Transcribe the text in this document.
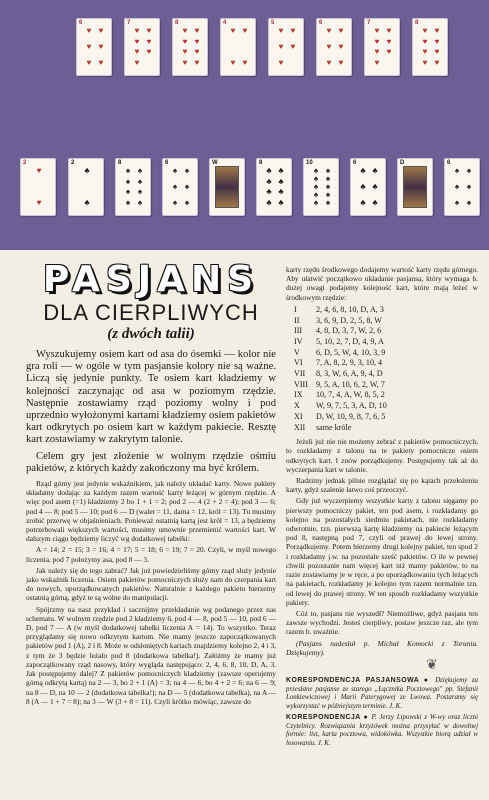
6
♥ ♥
♥ ♥
♥ ♥
7
♥ ♥
♥ ♥
♥ ♥
♥
8
♥ ♥
♥ ♥
♥ ♥
♥ ♥
4
♥ ♥
♥ ♥
5
♥ ♥
♥ ♥
♥
6
♥ ♥
♥ ♥
♥ ♥
7
♥ ♥
♥ ♥
♥ ♥
♥
8
♥ ♥
♥ ♥
♥ ♥
♥ ♥
2
♥
♥
2
♣
♣
8
♠ ♠
♠ ♠
♠ ♠
♠ ♠
6
♠ ♠
♠ ♠
♠ ♠
W	8
♣ ♣
♣ ♣
♣ ♣
♣ ♣
10
♠ ♠
♠ ♠
♠ ♠
♠ ♠
♠ ♠
6
♣ ♣
♣ ♣
♣ ♣
D	6
♠ ♠
♠ ♠
♠ ♠
PASJANS
DLA CIERPLIWYCH
(z dwóch talii)

Wyszukujemy osiem kart od asa do ósemki — kolor nie gra roli — w ogóle w tym pasjansie kolory nie są ważne. Liczą się jedynie punkty. Te osiem kart kładziemy w kolejności zaczynając od asa w poziomym rzędzie. Następnie zostawiamy rząd poziomy wolny i pod uprzednio wyłożonymi kartami kładziemy osiem pakietów kart odkrytych po osiem kart w każdym pakiecie. Resztę kart zostawiamy w zakrytym talonie.

Celem gry jest złożenie w wolnym rzędzie ośmiu pakietów, z których każdy zakończony ma być królem.

Rząd górny jest jedynie wskaźnikiem, jak należy układać karty. Nowe pakiety składamy dodając za każdym razem wartość karty leżącej w górnym rzędzie. A więc pod asem (=1) kładziemy 2 bo 1 + 1 = 2; pod 2 — 4 (2 + 2 = 4); pod 3 — 6; pod 4 — 8; pod 5 — 10; pod 6 — D (walet = 11, dama = 12, król = 13). Tu musimy zrobić przerwę w objaśnieniach. Ponieważ ostatnią kartą jest król = 13, a będziemy potrzebowali większych wartości, musimy umownie przemienić wartości kart. W dalszym ciągu będziemy liczyć wg dodatkowej tabelki:

A = 14; 2 = 15; 3 = 16; 4 = 17; 5 = 18; 6 = 19; 7 = 20. Czyli, w myśl nowego liczenia, pod 7 położymy asa, pod 8 — 3.

Jak należy się do tego zabrać? Jak już powiedzieliśmy górny rząd służy jedynie jako wskaźnik liczenia. Osiem pakietów pomocniczych służy nam do czerpania kart do nowych, uporządkowanych pakietów. Naturalnie z każdego pakietu bierzemy ostatnią górną, gdyż te są wolne do manipulacji.

Spójrzmy na nasz przykład i sacznijmy przekładanie wg podanego przez nas schematu. W wolnym rzędzie pod 2 kładziemy 6, pod 4 — 8, pod 5 — 10, pod 6 — D, pod 7 — A (w myśl dodatkowej tabelki liczenia A = 14). To wszystko. Teraz przyglądamy się nowo odkrytym kartom. Nie mamy jeszcze zapoczątkowanych pakietów pod 1 (A), 2 i 8. Może w odsłoniętych kartach znajdziemy kolejno 2, 4 i 3, z tym że 3 będzie leżało pod 8 (dodatkowa tabelka!). Załóżmy że mamy już zapoczątkowany rząd nasowy, który wygląda następująco: 2, 4, 6, 8, 10, D, A, 3. Jak postępujemy dalej? Z pakietów pomocniczych kładziemy (zawsze operujemy górną odkrytą kartą) na 2 — 3, bo 2 + 1 (A) = 3; na 4 — 6, bo 4 + 2 = 6; na 6 — 9; na 8 — D, na 10 — 2 (dodatkowa tabelka!); na D — 5 (dodatkowa tabelka), na A — 8 (A — 1 + 7 = 8); na 3 — W (3 + 8 = 11). Czyli krótko mówiąc, zawsze do

karty rzędu środkowego dodajemy wartość karty rzędu górnego. Aby ułatwić początkowo układanie pasjansa, który wymaga b. dużej uwagi podajemy kolejność kart, które mają leżeć w środkowym rzędzie:

I	2, 4, 6, 8, 10, D, A, 3
II	3, 6, 9, D, 2, 5, 8, W
III	4, 8, D, 3, 7, W, 2, 6
IV	5, 10, 2, 7, D, 4, 9, A
V	6, D, 5, W, 4, 10, 3, 9
VI	7, A, 8, 2, 9, 3, 10, 4
VII	8, 3, W, 6, A, 9, 4, D
VIII 9, 5, A, 10, 6, 2, W, 7
IX	10, 7, 4, A, W, 8, 5, 2
X	W, 9, 7, 5, 3, A, D, 10
XI	D, W, 10, 9, 8, 7, 6, 5
XII	same króle

Jeżeli już nie nie możemy zebrać z pakietów pomocniczych, to rozkładamy z talonu na te pakiety pomocnicze osiem odkrytych kart. I znów porządkujemy. Postępujemy tak aż do wyczerpania kart w talonie.

Radzimy jednak pilnie rozglądać się po kątach przełożeniu karty, gdyż szalenie łatwo coś przeoczyć.

Gdy już wyczerpiemy wszystkie karty z talonu sięgamy po pierwszy pomocniczy pakiet, ten pod asem, i rozkładamy go kolejno na pozostałych siedmiu pakietach, nie rozkładamy odwrotnie, tzn. pierwszą kartę kładziemy na pakiecie leżącym pod 8, następną pod 7, czyli od prawej do lewej strony. Porządkujemy. Potem bierzemy drugi kolejny pakiet, ten spod 2 i rozkładamy j.w. na pozostałe sześć pakietów. O ile w pewnej chwili pozostanie nam więcej kart niż mamy pakietów, to na razie zostawiamy je w ręce, a po uporządkowaniu tych leżących na pakietach, rozkładamy je kolejno tym razem normalnie tzn. od lewej do prawej strony. W ten sposób rozkładamy wszystkie pakiety.

Cóż to, pasjans nie wyszedł? Niemożliwe, gdyż pasjans ten zawsze wychodzi. Jesteś cierpliwy, postaw jeszcze raz, ale tym razem b. uważnie.

(Pasjans nadesłał p. Michał Komocki z Torunia. Dziękujemy).

❦

KORESPONDENCJA PASJANSOWA ● Dziękujemy za przesłane pasjanse ze starego „Łącznika Pocztowego" pp. Stefanii Lonkiewiczowej i Marii Paterygowej ze Lwowa. Postaramy się wykorzystać w późniejszym terminie. J. K.

KORESPONDENCJA ● P. Jerzy Lipowski z W-wy oraz liczni Czytelnicy. Rozwiązania krzyżówek można przysyłać w dowolnej formie: list, karta pocztowa, widokówka. Wszystkie biorą udział w losowaniu. J. K.
